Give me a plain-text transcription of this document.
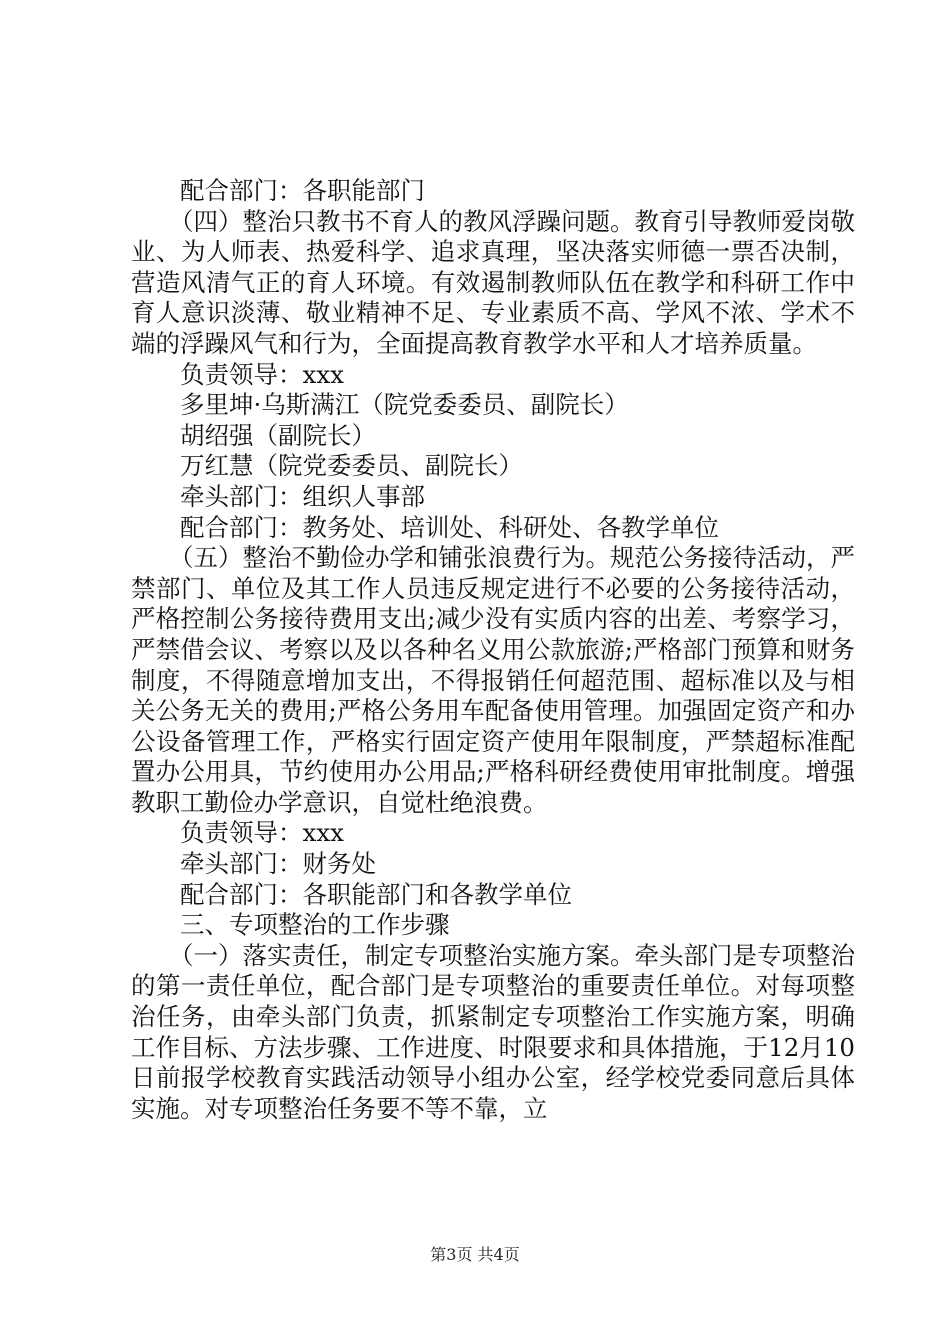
配合部门：各职能部门

（四）整治只教书不育人的教风浮躁问题。教育引导教师爱岗敬业、为人师表、热爱科学、追求真理，坚决落实师德一票否决制，营造风清气正的育人环境。有效遏制教师队伍在教学和科研工作中育人意识淡薄、敬业精神不足、专业素质不高、学风不浓、学术不端的浮躁风气和行为，全面提高教育教学水平和人才培养质量。

负责领导：xxx

多里坤·乌斯满江（院党委委员、副院长）

胡绍强（副院长）

万红慧（院党委委员、副院长）

牵头部门：组织人事部

配合部门：教务处、培训处、科研处、各教学单位

（五）整治不勤俭办学和铺张浪费行为。规范公务接待活动，严禁部门、单位及其工作人员违反规定进行不必要的公务接待活动，严格控制公务接待费用支出;减少没有实质内容的出差、考察学习，严禁借会议、考察以及以各种名义用公款旅游;严格部门预算和财务制度，不得随意增加支出，不得报销任何超范围、超标准以及与相关公务无关的费用;严格公务用车配备使用管理。加强固定资产和办公设备管理工作，严格实行固定资产使用年限制度，严禁超标准配置办公用具，节约使用办公用品;严格科研经费使用审批制度。增强教职工勤俭办学意识，自觉杜绝浪费。

负责领导：xxx

牵头部门：财务处

配合部门：各职能部门和各教学单位

三、专项整治的工作步骤

（一）落实责任，制定专项整治实施方案。牵头部门是专项整治的第一责任单位，配合部门是专项整治的重要责任单位。对每项整治任务，由牵头部门负责，抓紧制定专项整治工作实施方案，明确工作目标、方法步骤、工作进度、时限要求和具体措施，于12月10日前报学校教育实践活动领导小组办公室，经学校党委同意后具体实施。对专项整治任务要不等不靠，立

第3页 共4页
